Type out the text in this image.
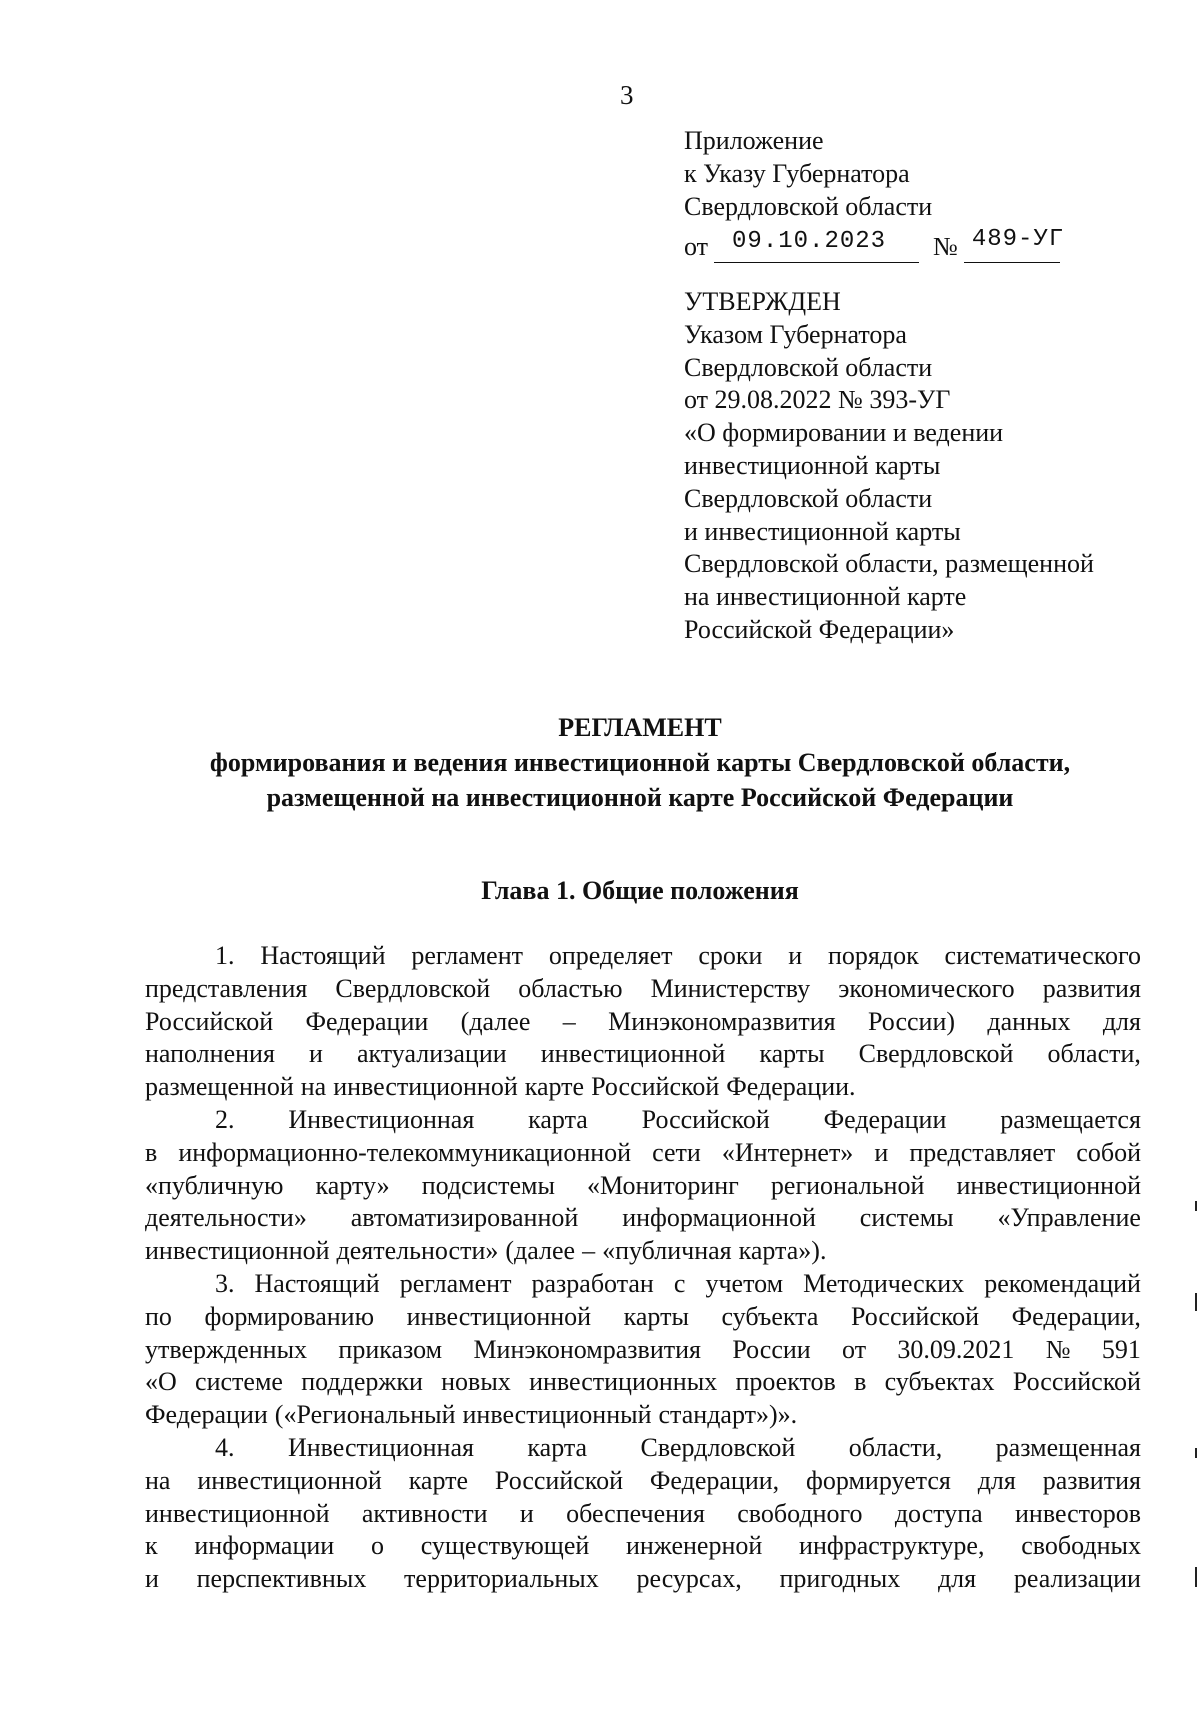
3
Приложение
к Указу Губернатора
Свердловской области
от 09.10.2023 № 489-УГ
УТВЕРЖДЕН
Указом Губернатора
Свердловской области
от 29.08.2022 № 393-УГ
«О формировании и ведении
инвестиционной карты
Свердловской области
и инвестиционной карты
Свердловской области, размещенной
на инвестиционной карте
Российской Федерации»
РЕГЛАМЕНТ
формирования и ведения инвестиционной карты Свердловской области,
размещенной на инвестиционной карте Российской Федерации
Глава 1. Общие положения
1. Настоящий регламент определяет сроки и порядок систематического
представления Свердловской областью Министерству экономического развития
Российской Федерации (далее – Минэкономразвития России) данных для
наполнения и актуализации инвестиционной карты Свердловской области,
размещенной на инвестиционной карте Российской Федерации.
2. Инвестиционная карта Российской Федерации размещается
в информационно-телекоммуникационной сети «Интернет» и представляет собой
«публичную карту» подсистемы «Мониторинг региональной инвестиционной
деятельности» автоматизированной информационной системы «Управление
инвестиционной деятельности» (далее – «публичная карта»).
3. Настоящий регламент разработан с учетом Методических рекомендаций
по формированию инвестиционной карты субъекта Российской Федерации,
утвержденных приказом Минэкономразвития России от 30.09.2021 № 591
«О системе поддержки новых инвестиционных проектов в субъектах Российской
Федерации («Региональный инвестиционный стандарт»)».
4. Инвестиционная карта Свердловской области, размещенная
на инвестиционной карте Российской Федерации, формируется для развития
инвестиционной активности и обеспечения свободного доступа инвесторов
к информации о существующей инженерной инфраструктуре, свободных
и перспективных территориальных ресурсах, пригодных для реализации
